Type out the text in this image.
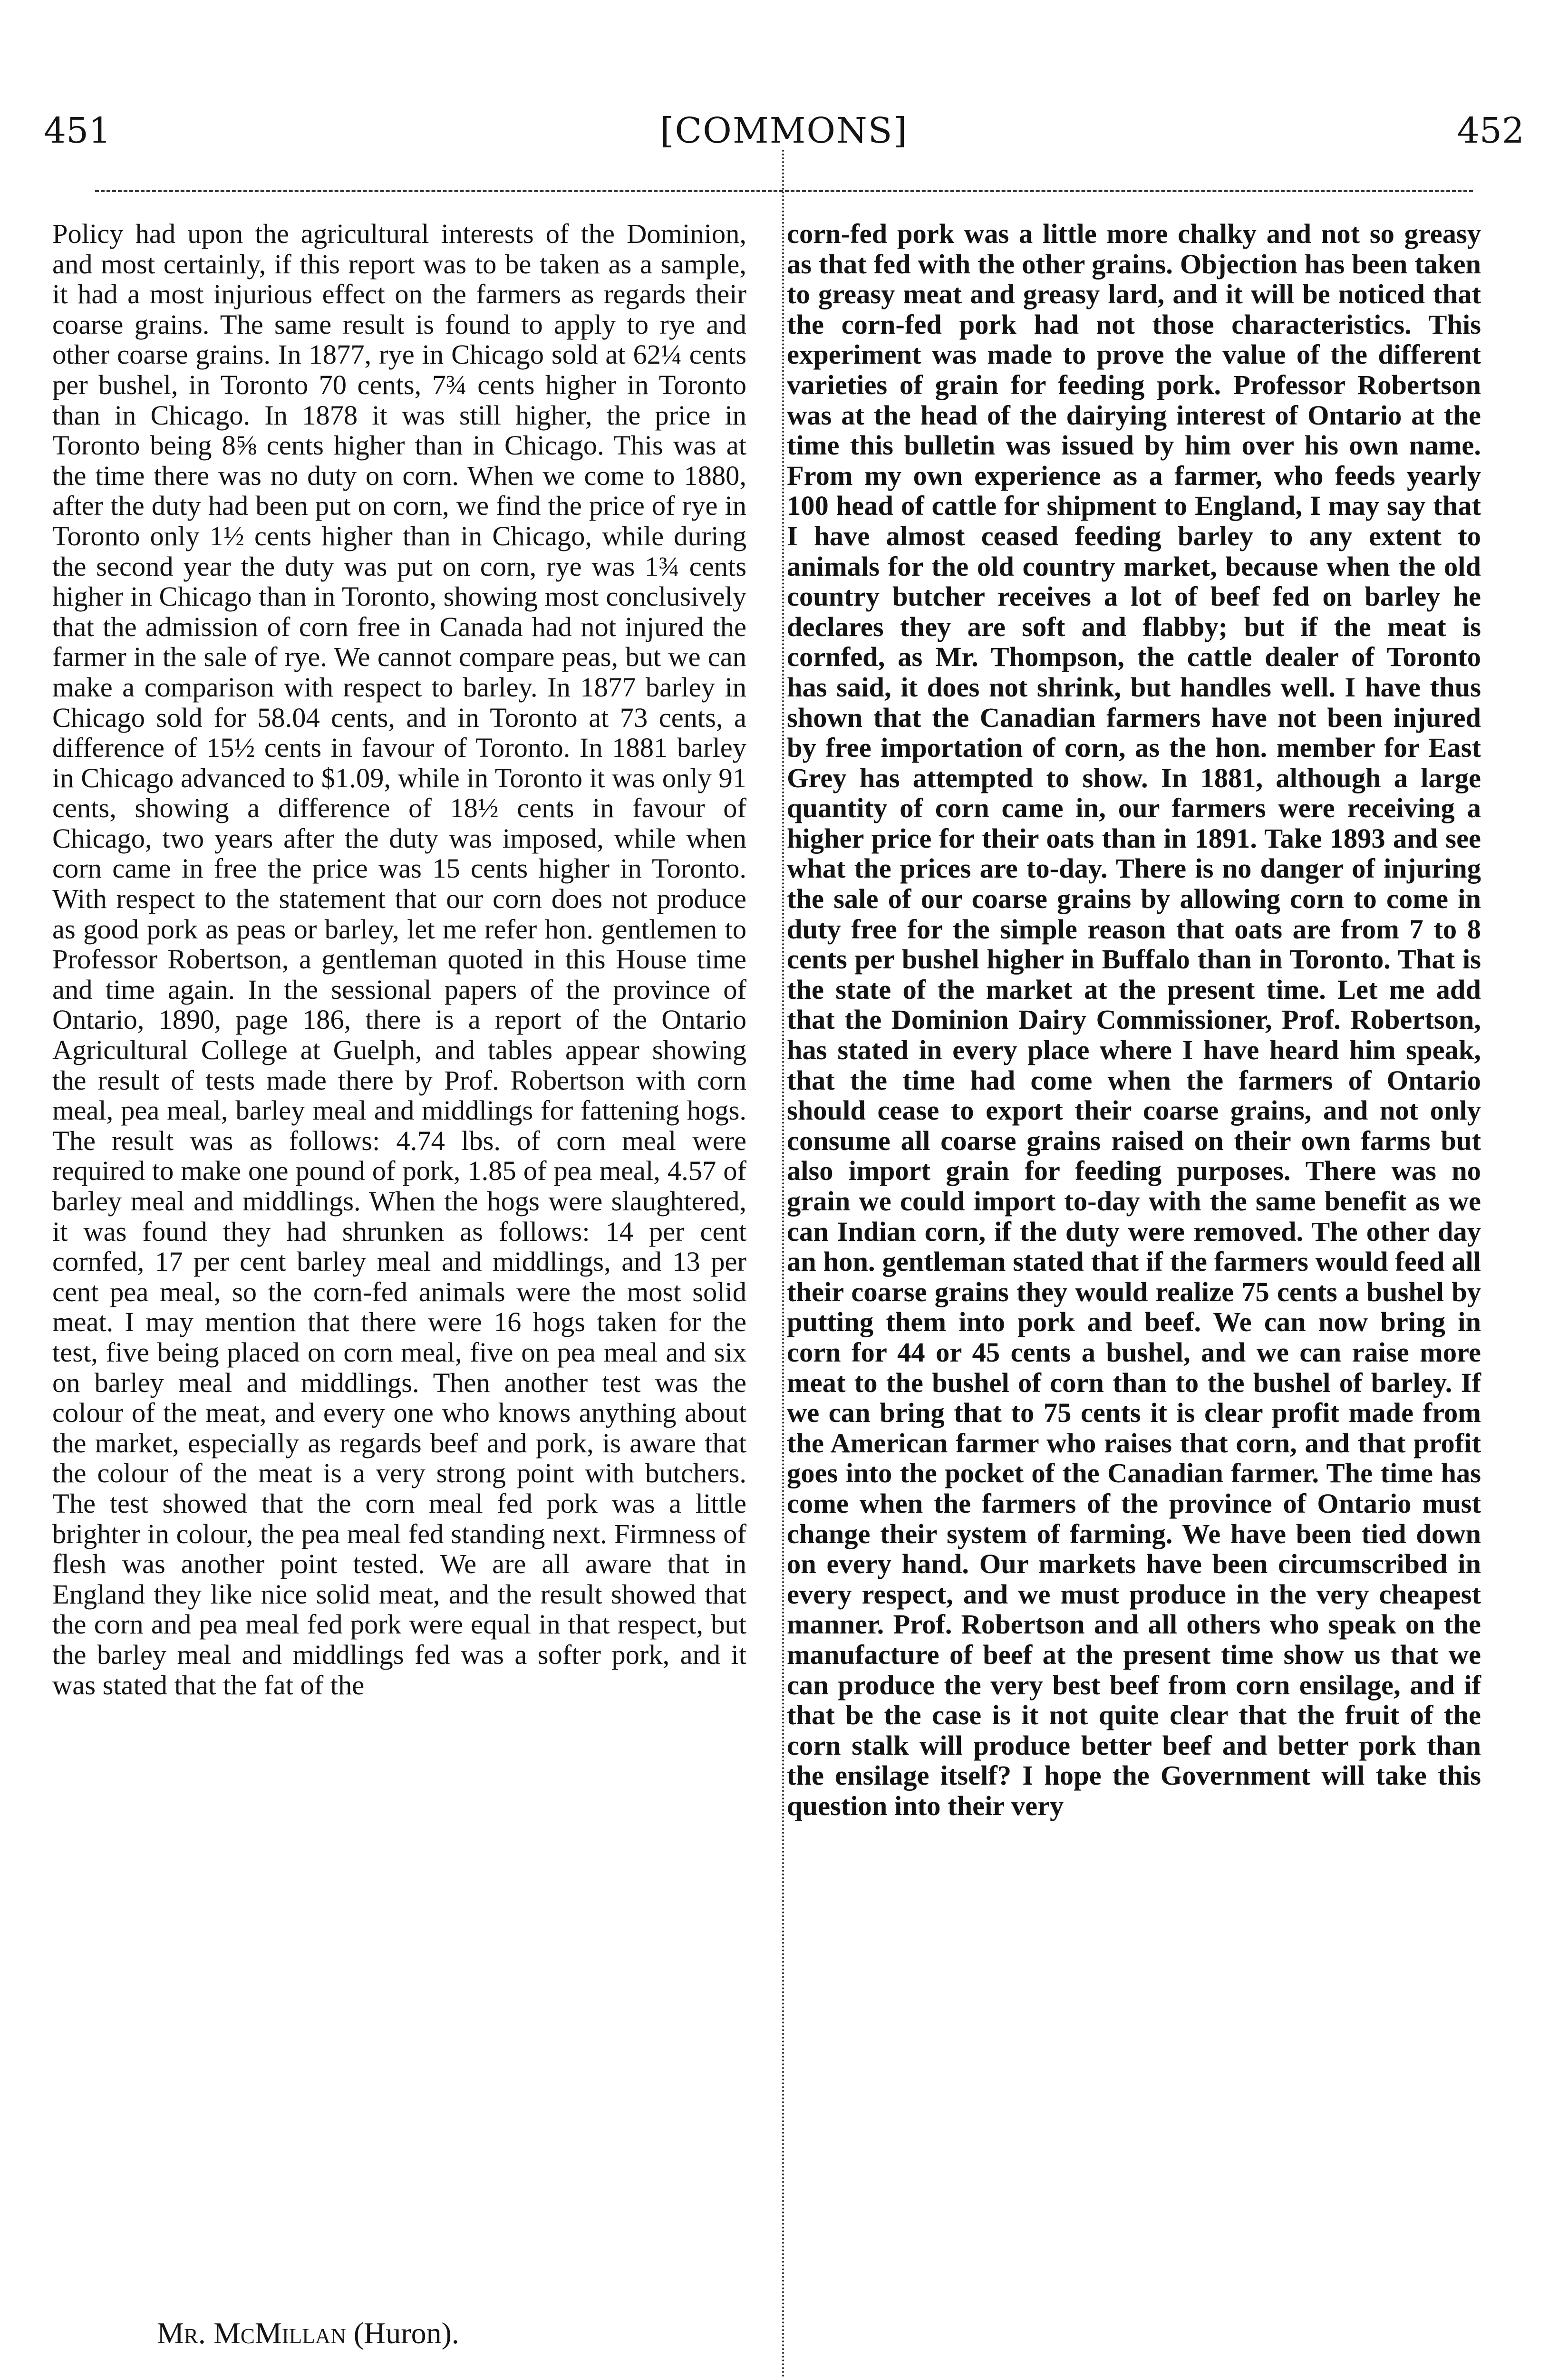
451	[COMMONS]	452

Policy had upon the agricultural interests of the Dominion, and most certainly, if this report was to be taken as a sample, it had a most injurious effect on the farmers as regards their coarse grains. The same result is found to apply to rye and other coarse grains. In 1877, rye in Chicago sold at 62¼ cents per bushel, in Toronto 70 cents, 7¾ cents higher in Toronto than in Chicago. In 1878 it was still higher, the price in Toronto being 8⅝ cents higher than in Chicago. This was at the time there was no duty on corn. When we come to 1880, after the duty had been put on corn, we find the price of rye in Toronto only 1½ cents higher than in Chicago, while during the second year the duty was put on corn, rye was 1¾ cents higher in Chicago than in Toronto, showing most conclusively that the admission of corn free in Canada had not injured the farmer in the sale of rye. We cannot compare peas, but we can make a comparison with respect to barley. In 1877 barley in Chicago sold for 58.04 cents, and in Toronto at 73 cents, a difference of 15½ cents in favour of Toronto. In 1881 barley in Chicago advanced to $1.09, while in Toronto it was only 91 cents, showing a difference of 18½ cents in favour of Chicago, two years after the duty was imposed, while when corn came in free the price was 15 cents higher in Toronto. With respect to the statement that our corn does not produce as good pork as peas or barley, let me refer hon. gentlemen to Professor Robertson, a gentleman quoted in this House time and time again. In the sessional papers of the province of Ontario, 1890, page 186, there is a report of the Ontario Agricultural College at Guelph, and tables appear showing the result of tests made there by Prof. Robertson with corn meal, pea meal, barley meal and middlings for fattening hogs. The result was as follows: 4.74 lbs. of corn meal were required to make one pound of pork, 1.85 of pea meal, 4.57 of barley meal and middlings. When the hogs were slaughtered, it was found they had shrunken as follows: 14 per cent cornfed, 17 per cent barley meal and middlings, and 13 per cent pea meal, so the corn-fed animals were the most solid meat. I may mention that there were 16 hogs taken for the test, five being placed on corn meal, five on pea meal and six on barley meal and middlings. Then another test was the colour of the meat, and every one who knows anything about the market, especially as regards beef and pork, is aware that the colour of the meat is a very strong point with butchers. The test showed that the corn meal fed pork was a little brighter in colour, the pea meal fed standing next. Firmness of flesh was another point tested. We are all aware that in England they like nice solid meat, and the result showed that the corn and pea meal fed pork were equal in that respect, but the barley meal and middlings fed was a softer pork, and it was stated that the fat of the

corn-fed pork was a little more chalky and not so greasy as that fed with the other grains. Objection has been taken to greasy meat and greasy lard, and it will be noticed that the corn-fed pork had not those characteristics. This experiment was made to prove the value of the different varieties of grain for feeding pork. Professor Robertson was at the head of the dairying interest of Ontario at the time this bulletin was issued by him over his own name. From my own experience as a farmer, who feeds yearly 100 head of cattle for shipment to England, I may say that I have almost ceased feeding barley to any extent to animals for the old country market, because when the old country butcher receives a lot of beef fed on barley he declares they are soft and flabby; but if the meat is cornfed, as Mr. Thompson, the cattle dealer of Toronto has said, it does not shrink, but handles well. I have thus shown that the Canadian farmers have not been injured by free importation of corn, as the hon. member for East Grey has attempted to show. In 1881, although a large quantity of corn came in, our farmers were receiving a higher price for their oats than in 1891. Take 1893 and see what the prices are to-day. There is no danger of injuring the sale of our coarse grains by allowing corn to come in duty free for the simple reason that oats are from 7 to 8 cents per bushel higher in Buffalo than in Toronto. That is the state of the market at the present time. Let me add that the Dominion Dairy Commissioner, Prof. Robertson, has stated in every place where I have heard him speak, that the time had come when the farmers of Ontario should cease to export their coarse grains, and not only consume all coarse grains raised on their own farms but also import grain for feeding purposes. There was no grain we could import to-day with the same benefit as we can Indian corn, if the duty were removed. The other day an hon. gentleman stated that if the farmers would feed all their coarse grains they would realize 75 cents a bushel by putting them into pork and beef. We can now bring in corn for 44 or 45 cents a bushel, and we can raise more meat to the bushel of corn than to the bushel of barley. If we can bring that to 75 cents it is clear profit made from the American farmer who raises that corn, and that profit goes into the pocket of the Canadian farmer. The time has come when the farmers of the province of Ontario must change their system of farming. We have been tied down on every hand. Our markets have been circumscribed in every respect, and we must produce in the very cheapest manner. Prof. Robertson and all others who speak on the manufacture of beef at the present time show us that we can produce the very best beef from corn ensilage, and if that be the case is it not quite clear that the fruit of the corn stalk will produce better beef and better pork than the ensilage itself? I hope the Government will take this question into their very

Mr. McMillan (Huron).
